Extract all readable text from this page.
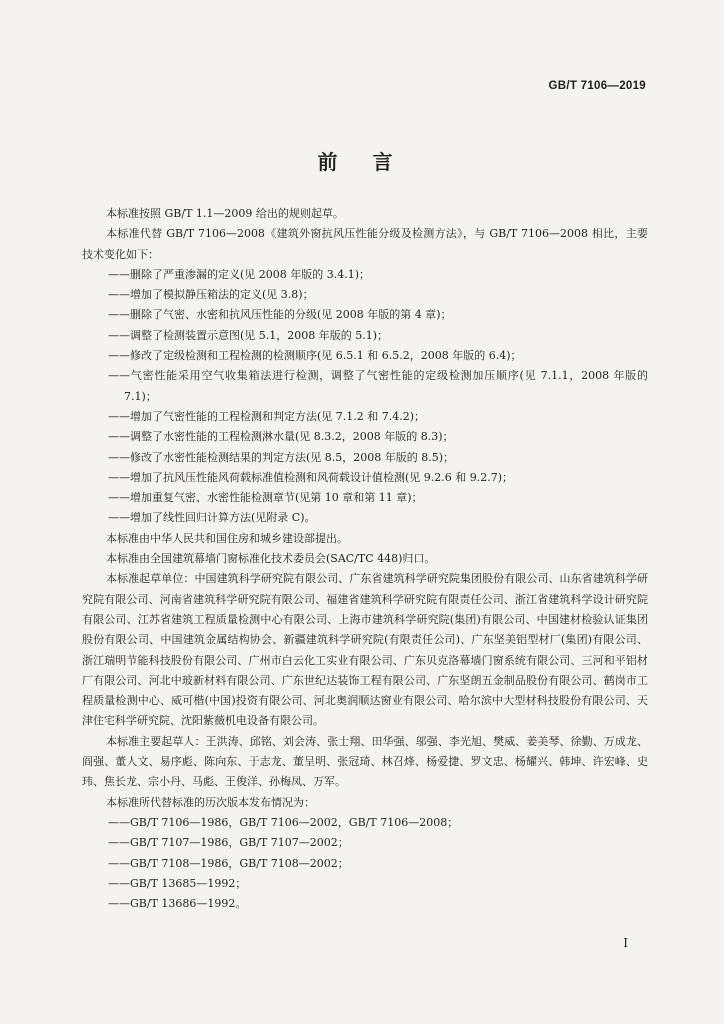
GB/T 7106—2019
前 言

本标准按照 GB/T 1.1—2009 给出的规则起草。

本标准代替 GB/T 7106—2008《建筑外窗抗风压性能分级及检测方法》，与 GB/T 7106—2008 相比，主要技术变化如下：

——删除了严重渗漏的定义(见 2008 年版的 3.4.1)；

——增加了模拟静压箱法的定义(见 3.8)；

——删除了气密、水密和抗风压性能的分级(见 2008 年版的第 4 章)；

——调整了检测装置示意图(见 5.1，2008 年版的 5.1)；

——修改了定级检测和工程检测的检测顺序(见 6.5.1 和 6.5.2，2008 年版的 6.4)；

——气密性能采用空气收集箱法进行检测，调整了气密性能的定级检测加压顺序(见 7.1.1，2008 年版的 7.1)；

——增加了气密性能的工程检测和判定方法(见 7.1.2 和 7.4.2)；

——调整了水密性能的工程检测淋水量(见 8.3.2，2008 年版的 8.3)；

——修改了水密性能检测结果的判定方法(见 8.5，2008 年版的 8.5)；

——增加了抗风压性能风荷载标准值检测和风荷载设计值检测(见 9.2.6 和 9.2.7)；

——增加重复气密、水密性能检测章节(见第 10 章和第 11 章)；

——增加了线性回归计算方法(见附录 C)。

本标准由中华人民共和国住房和城乡建设部提出。

本标准由全国建筑幕墙门窗标准化技术委员会(SAC/TC 448)归口。

本标准起草单位：中国建筑科学研究院有限公司、广东省建筑科学研究院集团股份有限公司、山东省建筑科学研究院有限公司、河南省建筑科学研究院有限公司、福建省建筑科学研究院有限责任公司、浙江省建筑科学设计研究院有限公司、江苏省建筑工程质量检测中心有限公司、上海市建筑科学研究院(集团)有限公司、中国建材检验认证集团股份有限公司、中国建筑金属结构协会、新疆建筑科学研究院(有限责任公司)、广东坚美铝型材厂(集团)有限公司、浙江瑞明节能科技股份有限公司、广州市白云化工实业有限公司、广东贝克洛幕墙门窗系统有限公司、三河和平铝材厂有限公司、河北中玻新材料有限公司、广东世纪达装饰工程有限公司、广东坚朗五金制品股份有限公司、鹤岗市工程质量检测中心、威可楷(中国)投资有限公司、河北奥润顺达窗业有限公司、哈尔滨中大型材科技股份有限公司、天津住宅科学研究院、沈阳紫薇机电设备有限公司。

本标准主要起草人：王洪涛、邱铭、刘会涛、张士翔、田华强、邬强、李光旭、樊威、姜美琴、徐勤、万成龙、阎强、董人文、易序彪、陈向东、于志龙、董呈明、张冠琦、林召烽、杨爱捷、罗文忠、杨耀兴、韩坤、许宏峰、史玮、焦长龙、宗小丹、马彪、王俊洋、孙梅凤、万军。

本标准所代替标准的历次版本发布情况为：

——GB/T 7106—1986，GB/T 7106—2002，GB/T 7106—2008；

——GB/T 7107—1986，GB/T 7107—2002；

——GB/T 7108—1986，GB/T 7108—2002；

——GB/T 13685—1992；

——GB/T 13686—1992。

I
